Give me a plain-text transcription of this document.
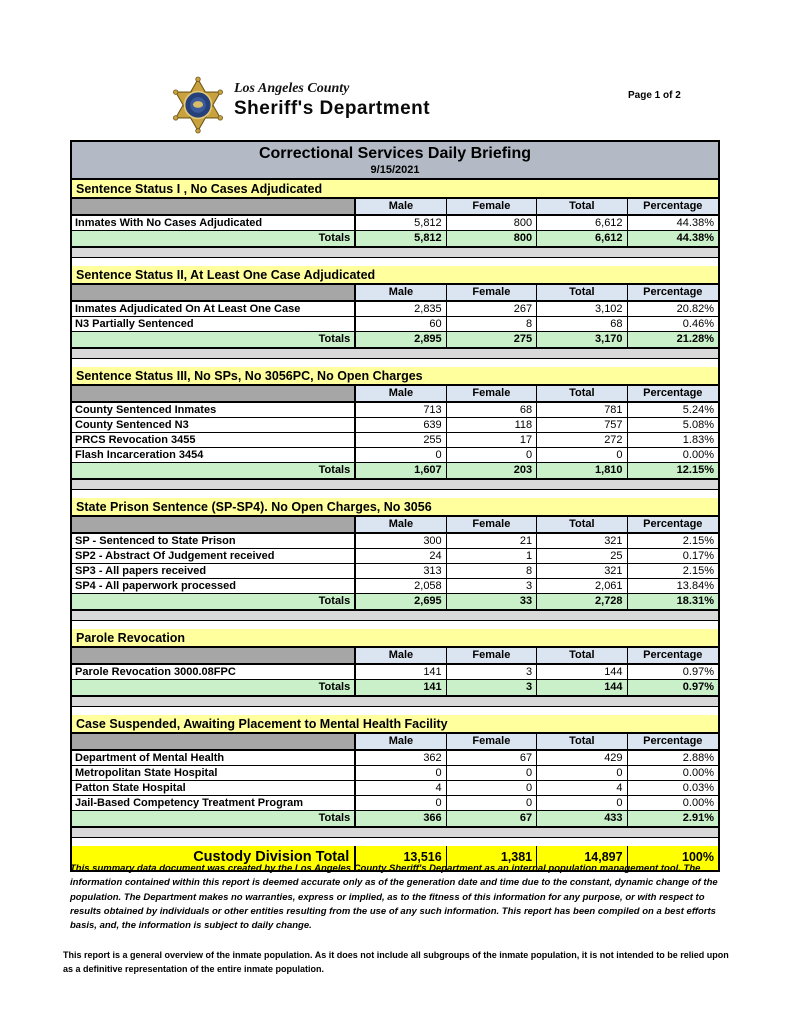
Los Angeles County
Sheriff's Department
Page 1 of 2
Correctional Services Daily Briefing
9/15/2021
Sentence Status I , No Cases Adjudicated
Male	Female	Total	Percentage
Inmates With No Cases Adjudicated	5,812	800	6,612	44.38%
Totals	5,812	800	6,612	44.38%
Sentence Status II, At Least One Case Adjudicated
Male	Female	Total	Percentage
Inmates Adjudicated On At Least One Case	2,835	267	3,102	20.82%
N3 Partially Sentenced	60	8	68	0.46%
Totals	2,895	275	3,170	21.28%
Sentence Status III, No SPs, No 3056PC, No Open Charges
Male	Female	Total	Percentage
County Sentenced Inmates	713	68	781	5.24%
County Sentenced N3	639	118	757	5.08%
PRCS Revocation 3455	255	17	272	1.83%
Flash Incarceration 3454	0	0	0	0.00%
Totals	1,607	203	1,810	12.15%
State Prison Sentence (SP-SP4). No Open Charges, No 3056
Male	Female	Total	Percentage
SP - Sentenced to State Prison	300	21	321	2.15%
SP2 - Abstract Of Judgement received	24	1	25	0.17%
SP3 - All papers received	313	8	321	2.15%
SP4 - All paperwork processed	2,058	3	2,061	13.84%
Totals	2,695	33	2,728	18.31%
Parole Revocation
Male	Female	Total	Percentage
Parole Revocation 3000.08FPC	141	3	144	0.97%
Totals	141	3	144	0.97%
Case Suspended, Awaiting Placement to Mental Health Facility
Male	Female	Total	Percentage
Department of Mental Health	362	67	429	2.88%
Metropolitan State Hospital	0	0	0	0.00%
Patton State Hospital	4	0	4	0.03%
Jail-Based Competency Treatment Program	0	0	0	0.00%
Totals	366	67	433	2.91%
Custody Division Total	13,516	1,381	14,897	100%

This summary data document was created by the Los Angeles County Sheriff's Department as an internal population management tool. The information contained within this report is deemed accurate only as of the generation date and time due to the constant, dynamic change of the population. The Department makes no warranties, express or implied, as to the fitness of this information for any purpose, or with respect to results obtained by individuals or other entities resulting from the use of any such information. This report has been compiled on a best efforts basis, and, the information is subject to daily change.

This report is a general overview of the inmate population. As it does not include all subgroups of the inmate population, it is not intended to be relied upon as a definitive representation of the entire inmate population.
